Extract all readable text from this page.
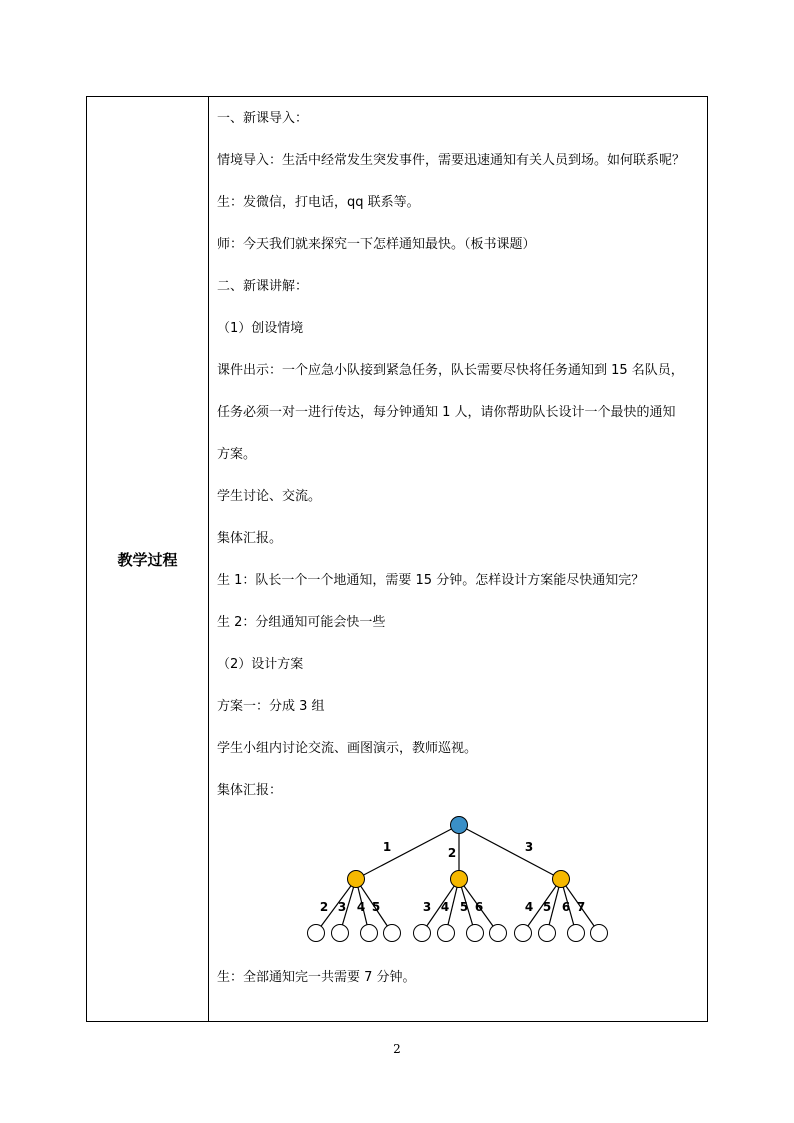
教学过程
一、新课导入：
情境导入：生活中经常发生突发事件，需要迅速通知有关人员到场。如何联系呢？
生：发微信，打电话，qq 联系等。
师：今天我们就来探究一下怎样通知最快。（板书课题）
二、新课讲解：
（1）创设情境
课件出示：一个应急小队接到紧急任务，队长需要尽快将任务通知到 15 名队员，
任务必须一对一进行传达，每分钟通知 1 人，请你帮助队长设计一个最快的通知
方案。
学生讨论、交流。
集体汇报。
生 1：队长一个一个地通知，需要 15 分钟。怎样设计方案能尽快通知完？
生 2：分组通知可能会快一些
（2）设计方案
方案一：分成 3 组
学生小组内讨论交流、画图演示，教师巡视。
集体汇报：
1	2	3
2 3 4 5	3 4 5 6	4 5 6 7
生：全部通知完一共需要 7 分钟。
2
